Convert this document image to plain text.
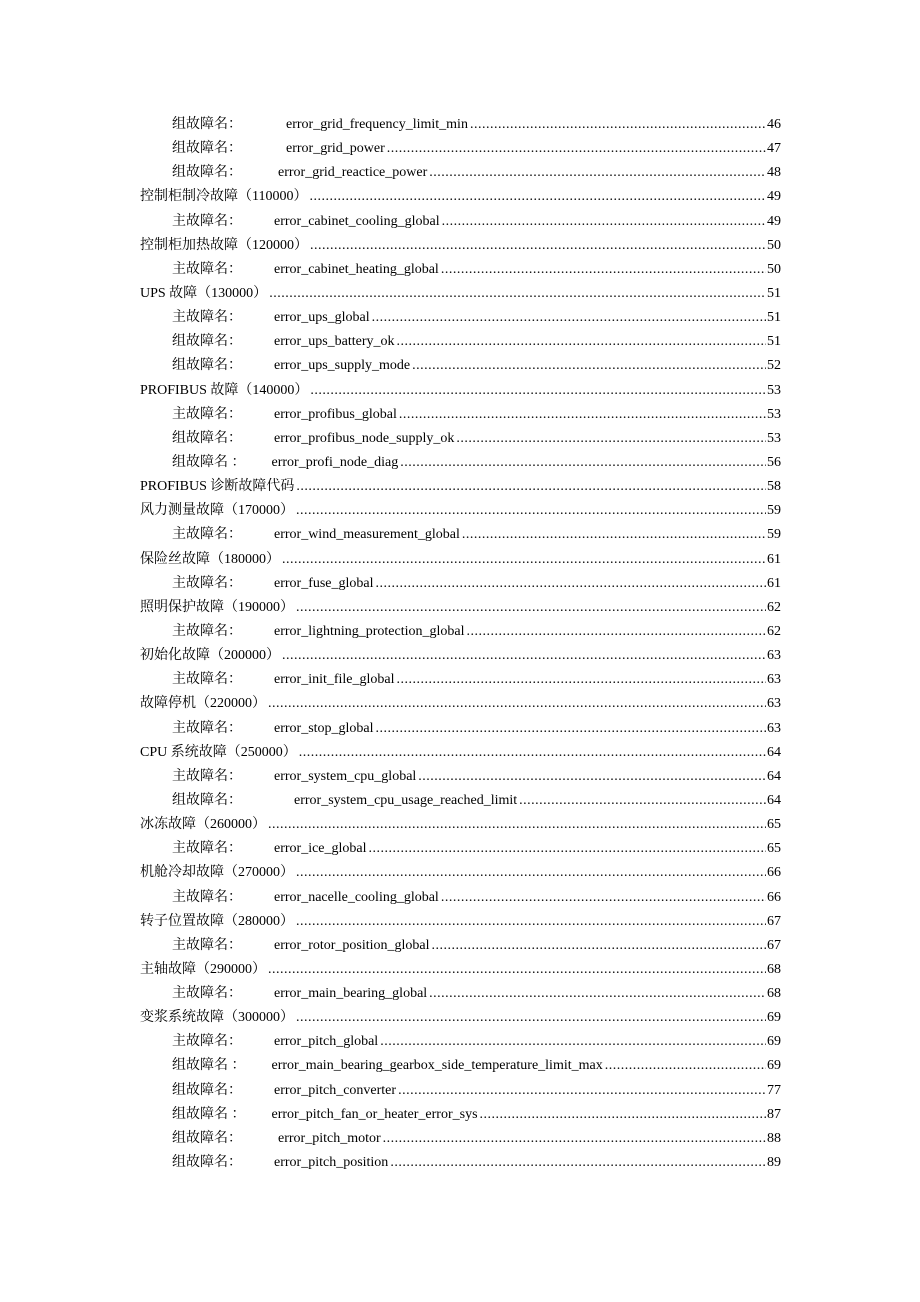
组故障名：	error_grid_frequency_limit_min .....	46
组故障名：	error_grid_power .....	47
组故障名：	error_grid_reactice_power .....	48
控制柜制冷故障（110000） .....	49
主故障名： error_cabinet_cooling_global .....	49
控制柜加热故障（120000） .....	50
主故障名： error_cabinet_heating_global .....	50
UPS 故障（130000） .....	51
主故障名： error_ups_global .....	51
组故障名： error_ups_battery_ok .....	51
组故障名： error_ups_supply_mode .....	52
PROFIBUS 故障（140000） .....	53
主故障名： error_profibus_global .....	53
组故障名： error_profibus_node_supply_ok .....	53
组故障名 ： error_profi_node_diag .....	56
PROFIBUS 诊断故障代码 .....	58
风力测量故障（170000） .....	59
主故障名： error_wind_measurement_global .....	59
保险丝故障（180000） .....	61
主故障名： error_fuse_global .....	61
照明保护故障（190000） .....	62
主故障名： error_lightning_protection_global .....	62
初始化故障（200000） .....	63
主故障名： error_init_file_global .....	63
故障停机（220000） .....	63
主故障名： error_stop_global .....	63
CPU 系统故障（250000） .....	64
主故障名： error_system_cpu_global .....	64
组故障名：	error_system_cpu_usage_reached_limit .....	64
冰冻故障（260000） .....	65
主故障名： error_ice_global .....	65
机舱冷却故障（270000） .....	66
主故障名： error_nacelle_cooling_global .....	66
转子位置故障（280000） .....	67
主故障名： error_rotor_position_global .....	67
主轴故障（290000） .....	68
主故障名： error_main_bearing_global .....	68
变浆系统故障（300000） .....	69
主故障名： error_pitch_global .....	69
组故障名 ： error_main_bearing_gearbox_side_temperature_limit_max .....	69
组故障名： error_pitch_converter .....	77
组故障名 ： error_pitch_fan_or_heater_error_sys .....	87
组故障名：	error_pitch_motor .....	88
组故障名： error_pitch_position .....	89
